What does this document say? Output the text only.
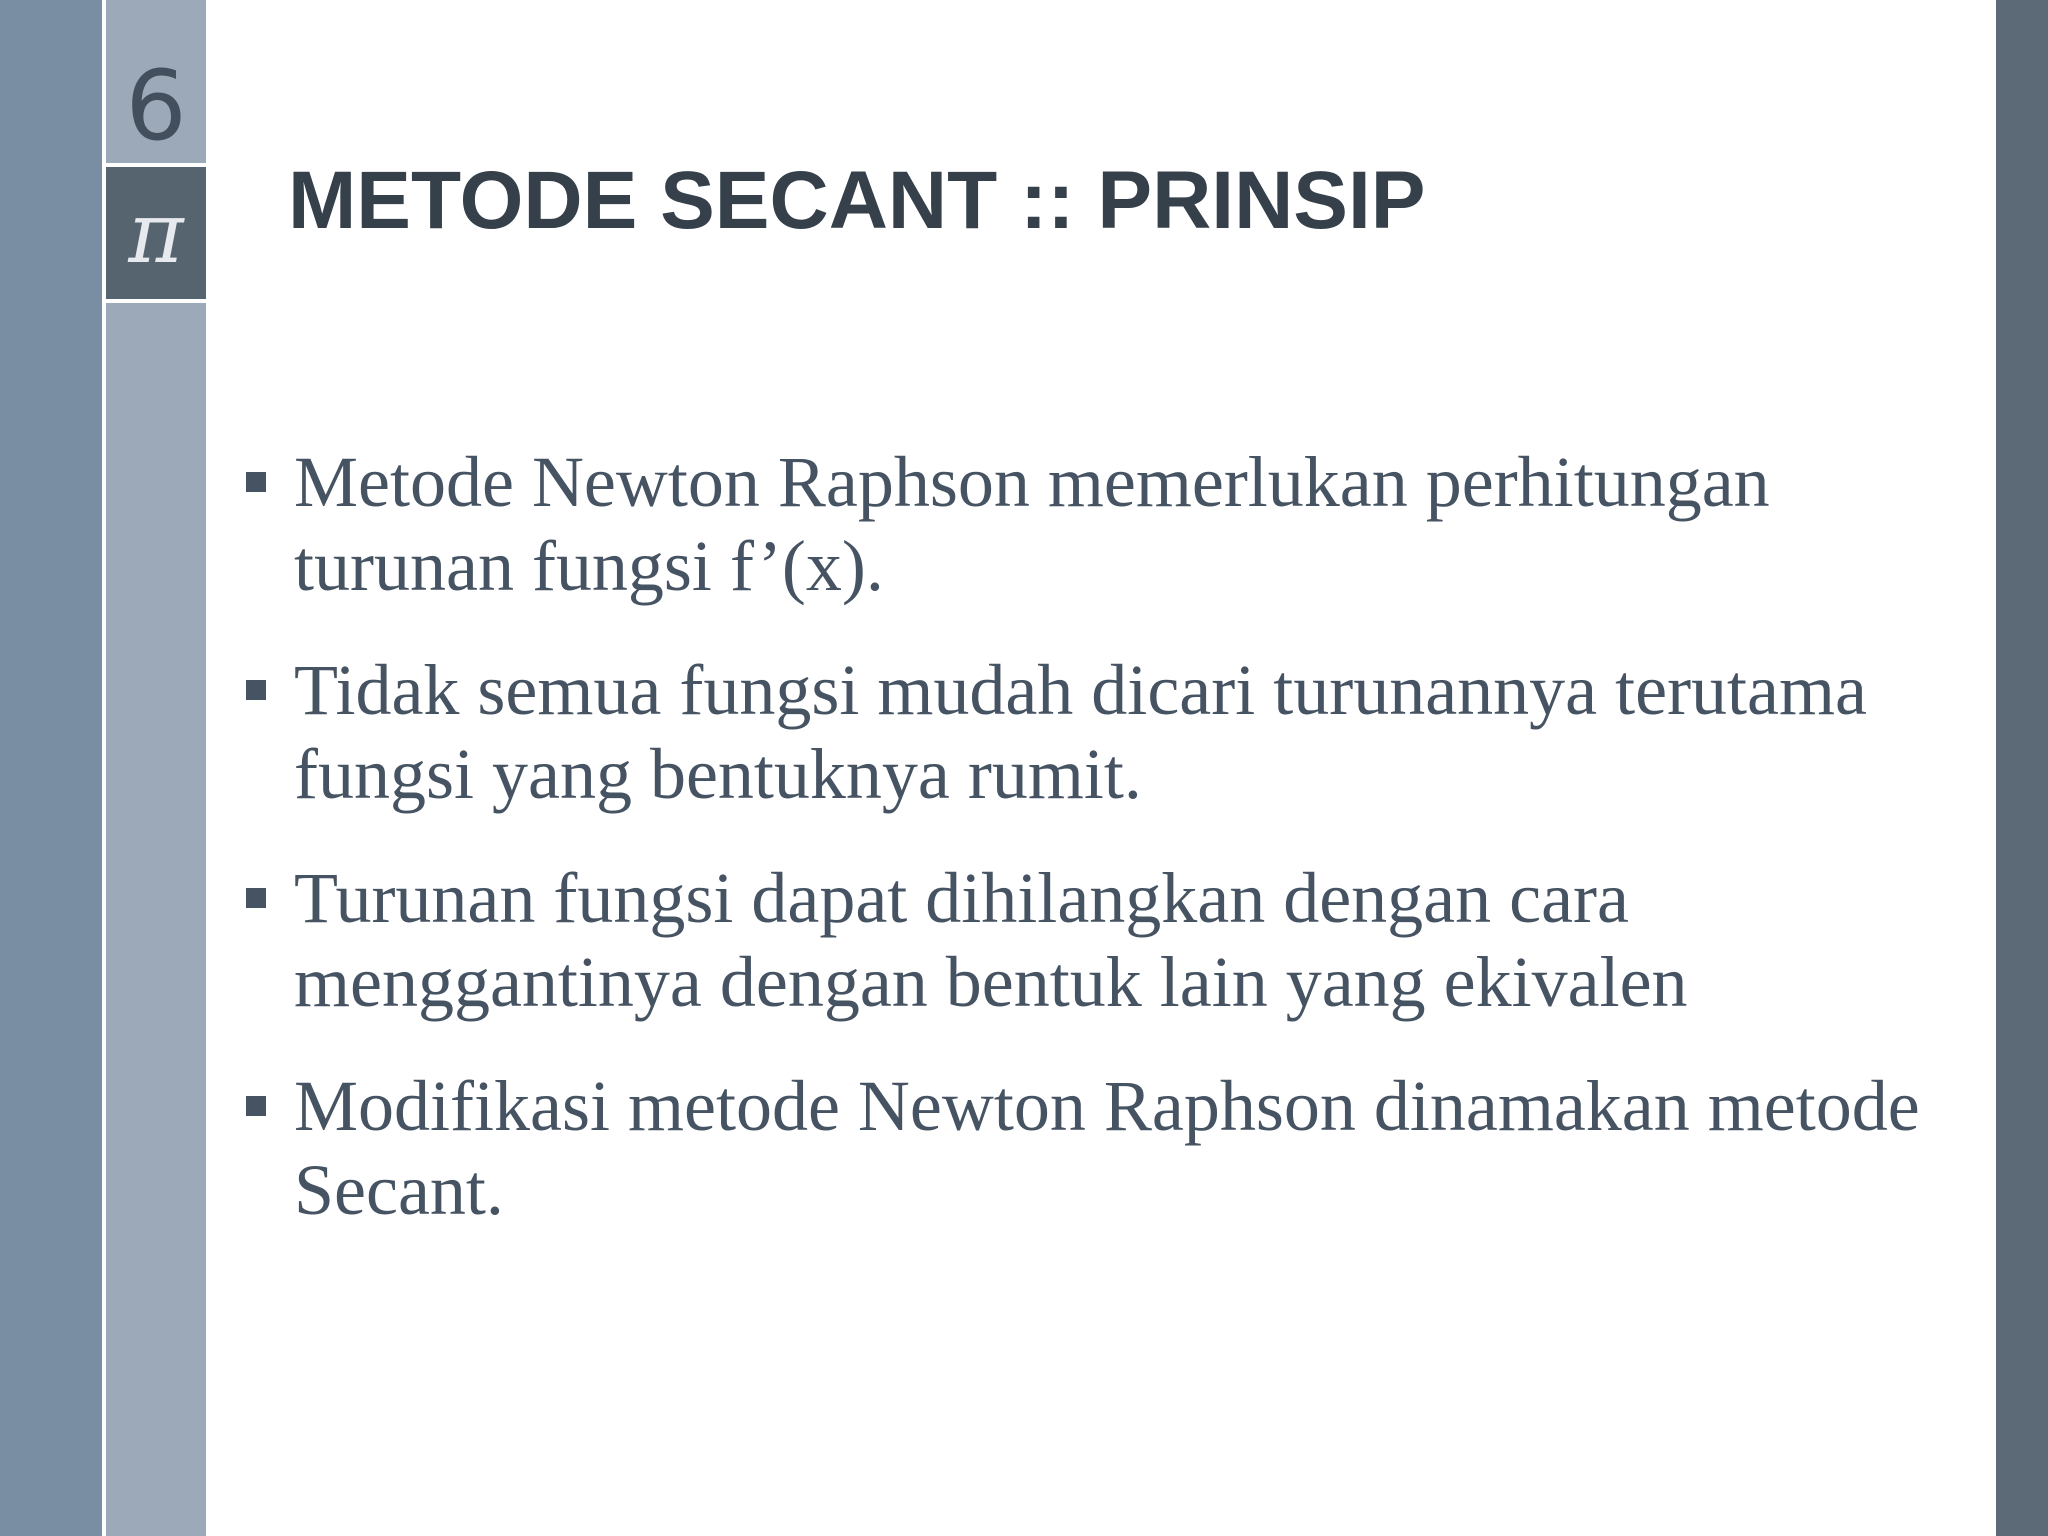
6
π METODE SECANT :: PRINSIP
Metode Newton Raphson memerlukan perhitungan turunan fungsi f’(x).
Tidak semua fungsi mudah dicari turunannya terutama fungsi yang bentuknya rumit.
Turunan fungsi dapat dihilangkan dengan cara menggantinya dengan bentuk lain yang ekivalen
Modifikasi metode Newton Raphson dinamakan metode Secant.
